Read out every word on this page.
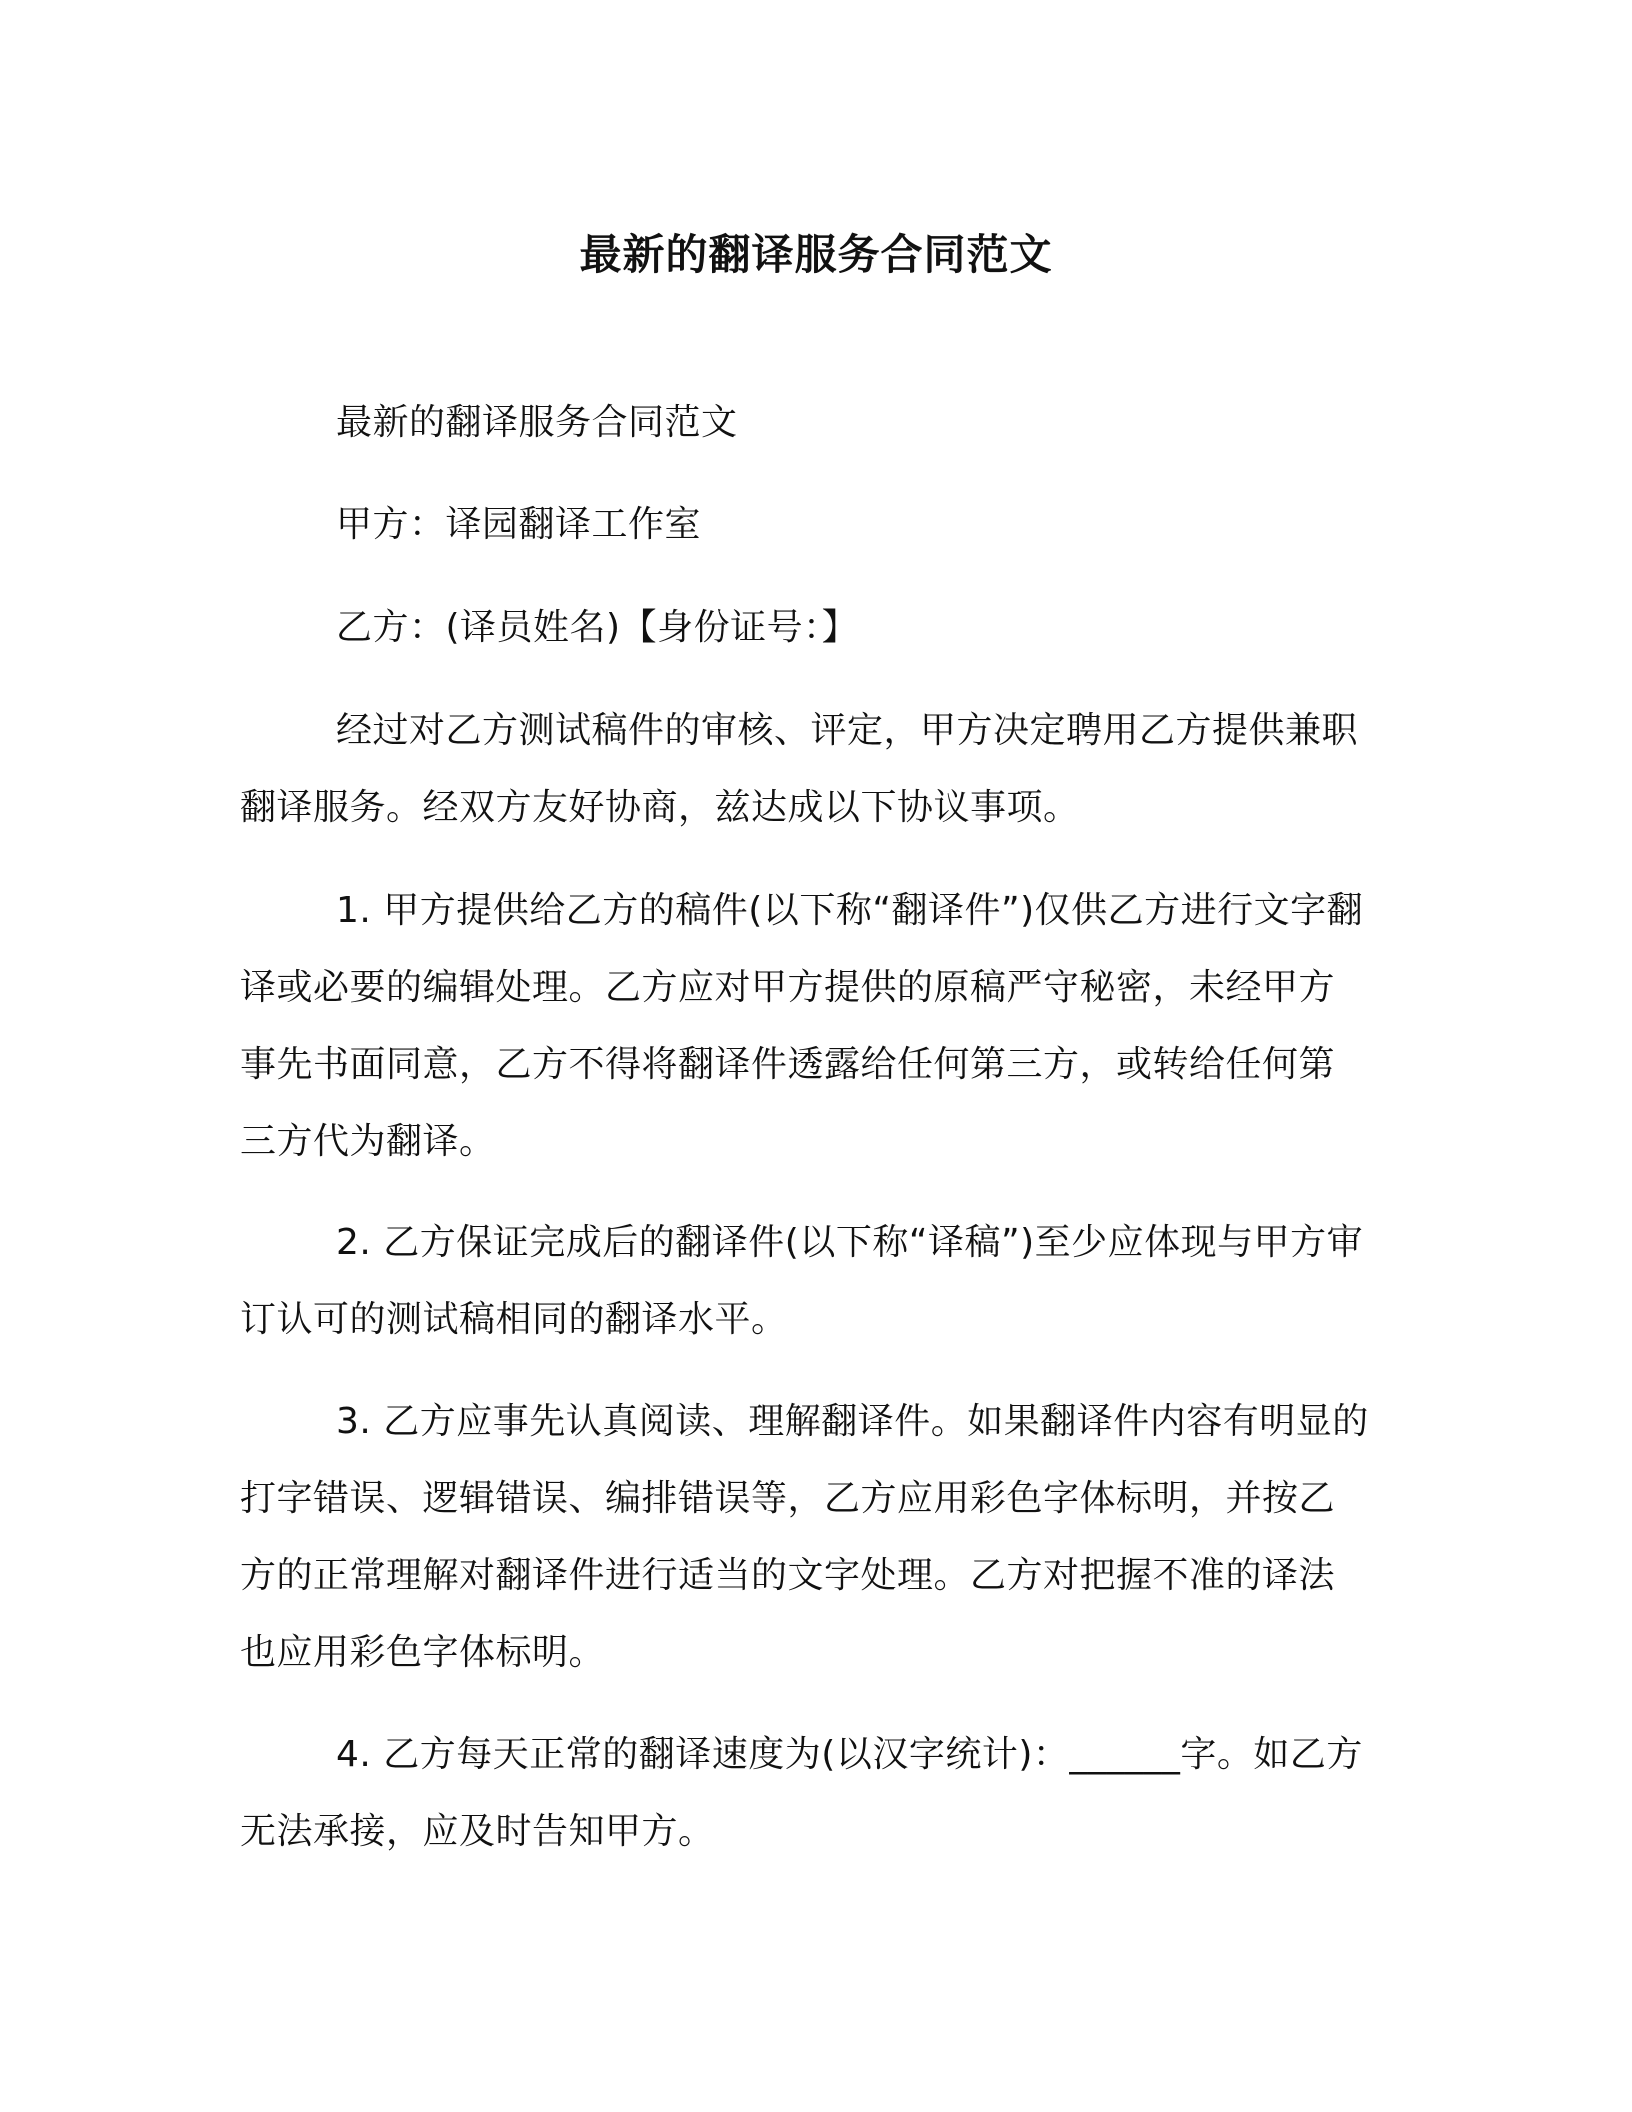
最新的翻译服务合同范文

最新的翻译服务合同范文

甲方：译园翻译工作室

乙方：(译员姓名)【身份证号：】

经过对乙方测试稿件的审核、评定，甲方决定聘用乙方提供兼职翻译服务。经双方友好协商，兹达成以下协议事项。

1. 甲方提供给乙方的稿件(以下称“翻译件”)仅供乙方进行文字翻译或必要的编辑处理。乙方应对甲方提供的原稿严守秘密，未经甲方事先书面同意，乙方不得将翻译件透露给任何第三方，或转给任何第三方代为翻译。

2. 乙方保证完成后的翻译件(以下称“译稿”)至少应体现与甲方审订认可的测试稿相同的翻译水平。

3. 乙方应事先认真阅读、理解翻译件。如果翻译件内容有明显的打字错误、逻辑错误、编排错误等，乙方应用彩色字体标明，并按乙方的正常理解对翻译件进行适当的文字处理。乙方对把握不准的译法也应用彩色字体标明。

4. 乙方每天正常的翻译速度为(以汉字统计)：______字。如乙方无法承接，应及时告知甲方。
